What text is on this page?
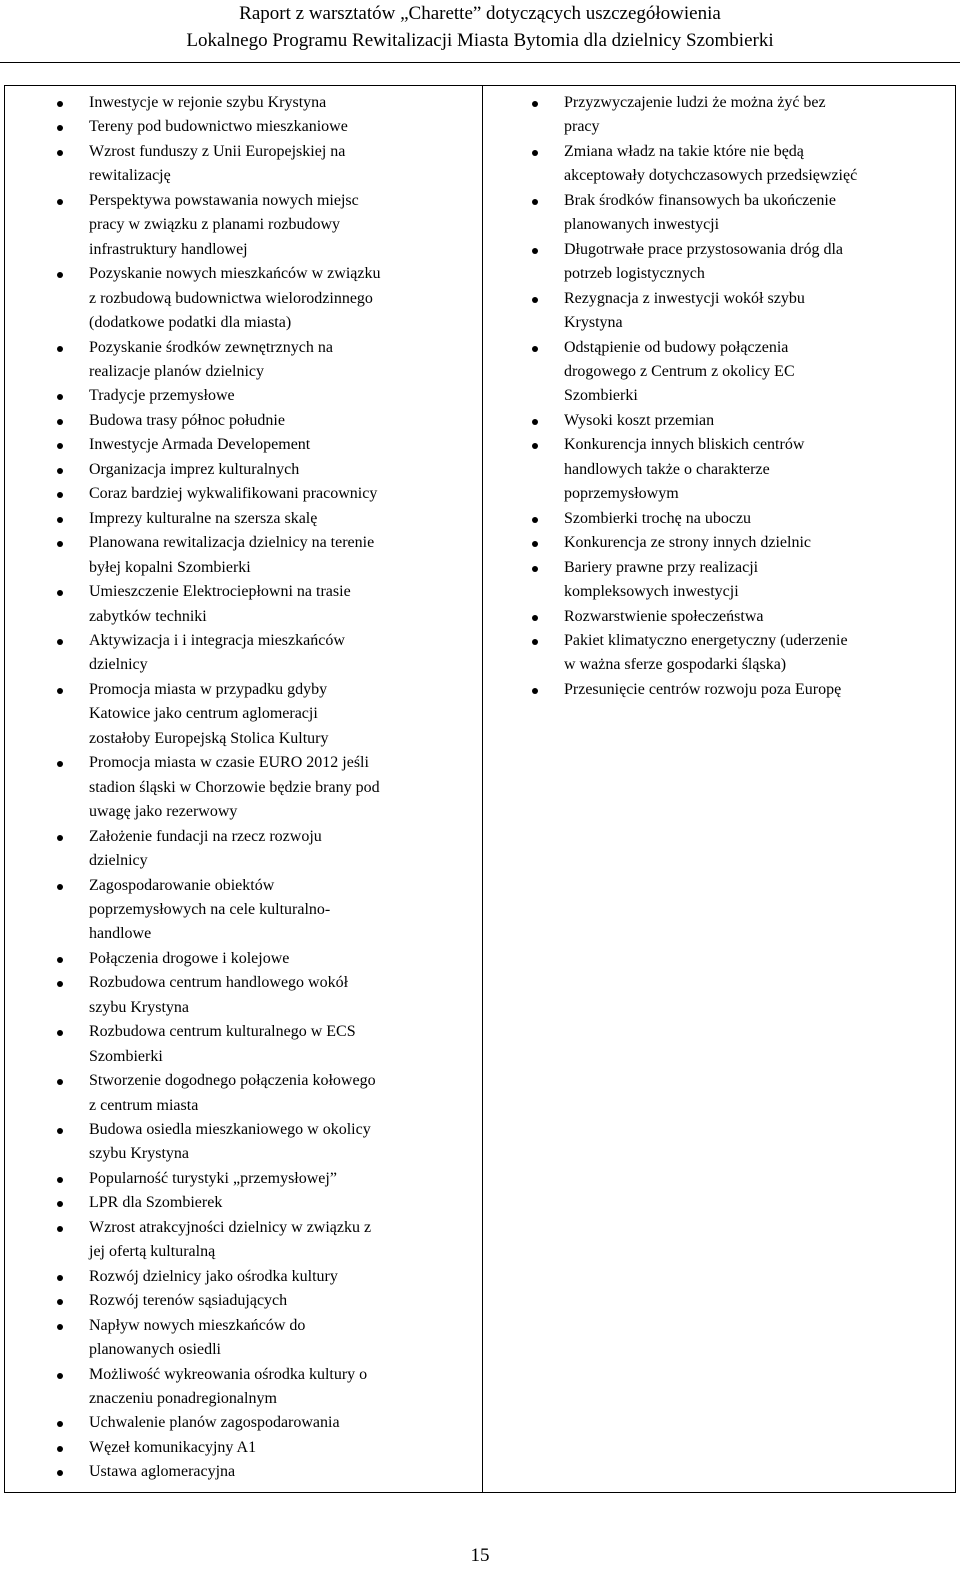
Raport z warsztatów „Charette” dotyczących uszczegółowienia
Lokalnego Programu Rewitalizacji Miasta Bytomia dla dzielnicy Szombierki
Inwestycje w rejonie szybu Krystyna
Tereny pod budownictwo mieszkaniowe
Wzrost funduszy z Unii Europejskiej na
rewitalizację
Perspektywa powstawania nowych miejsc
pracy w związku z planami rozbudowy
infrastruktury handlowej
Pozyskanie nowych mieszkańców w związku
z rozbudową budownictwa wielorodzinnego
(dodatkowe podatki dla miasta)
Pozyskanie środków zewnętrznych na
realizacje planów dzielnicy
Tradycje przemysłowe
Budowa trasy północ południe
Inwestycje Armada Developement
Organizacja imprez kulturalnych
Coraz bardziej wykwalifikowani pracownicy
Imprezy kulturalne na szersza skalę
Planowana rewitalizacja dzielnicy na terenie
byłej kopalni Szombierki
Umieszczenie Elektrociepłowni na trasie
zabytków techniki
Aktywizacja i i integracja mieszkańców
dzielnicy
Promocja miasta w przypadku gdyby
Katowice jako centrum aglomeracji
zostałoby Europejską Stolica Kultury
Promocja miasta w czasie EURO 2012 jeśli
stadion śląski w Chorzowie będzie brany pod
uwagę jako rezerwowy
Założenie fundacji na rzecz rozwoju
dzielnicy
Zagospodarowanie obiektów
poprzemysłowych na cele kulturalno-
handlowe
Połączenia drogowe i kolejowe
Rozbudowa centrum handlowego wokół
szybu Krystyna
Rozbudowa centrum kulturalnego w ECS
Szombierki
Stworzenie dogodnego połączenia kołowego
z centrum miasta
Budowa osiedla mieszkaniowego w okolicy
szybu Krystyna
Popularność turystyki „przemysłowej”
LPR dla Szombierek
Wzrost atrakcyjności dzielnicy w związku z
jej ofertą kulturalną
Rozwój dzielnicy jako ośrodka kultury
Rozwój terenów sąsiadujących
Napływ nowych mieszkańców do
planowanych osiedli
Możliwość wykreowania ośrodka kultury o
znaczeniu ponadregionalnym
Uchwalenie planów zagospodarowania
Węzeł komunikacyjny A1
Ustawa aglomeracyjna
Przyzwyczajenie ludzi że można żyć bez
pracy
Zmiana władz na takie które nie będą
akceptowały dotychczasowych przedsięwzięć
Brak środków finansowych ba ukończenie
planowanych inwestycji
Długotrwałe prace przystosowania dróg dla
potrzeb logistycznych
Rezygnacja z inwestycji wokół szybu
Krystyna
Odstąpienie od budowy połączenia
drogowego z Centrum z okolicy EC
Szombierki
Wysoki koszt przemian
Konkurencja innych bliskich centrów
handlowych także o charakterze
poprzemysłowym
Szombierki trochę na uboczu
Konkurencja ze strony innych dzielnic
Bariery prawne przy realizacji
kompleksowych inwestycji
Rozwarstwienie społeczeństwa
Pakiet klimatyczno energetyczny (uderzenie
w ważna sferze gospodarki śląska)
Przesunięcie centrów rozwoju poza Europę
15
